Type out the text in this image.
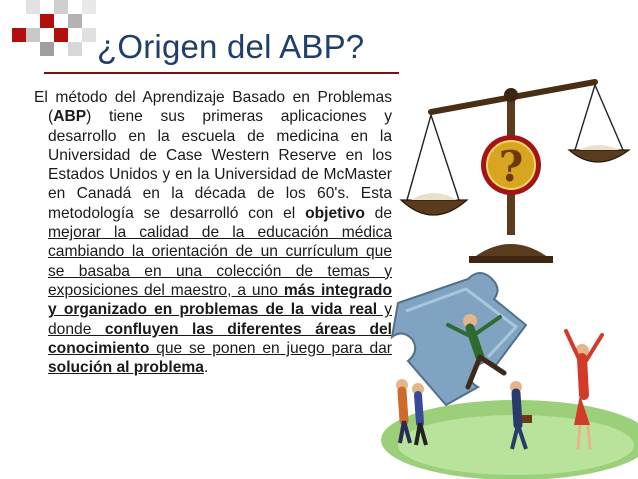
¿Origen del ABP?
El método del Aprendizaje Basado en Problemas (ABP) tiene sus primeras aplicaciones y desarrollo en la escuela de medicina en la Universidad de Case Western Reserve en los Estados Unidos y en la Universidad de McMaster en Canadá en la década de los 60's. Esta metodología se desarrolló con el objetivo de mejorar la calidad de la educación médica cambiando la orientación de un currículum que se basaba en una colección de temas y exposiciones del maestro, a uno más integrado y organizado en problemas de la vida real y donde confluyen las diferentes áreas del conocimiento que se ponen en juego para dar solución al problema.
?
